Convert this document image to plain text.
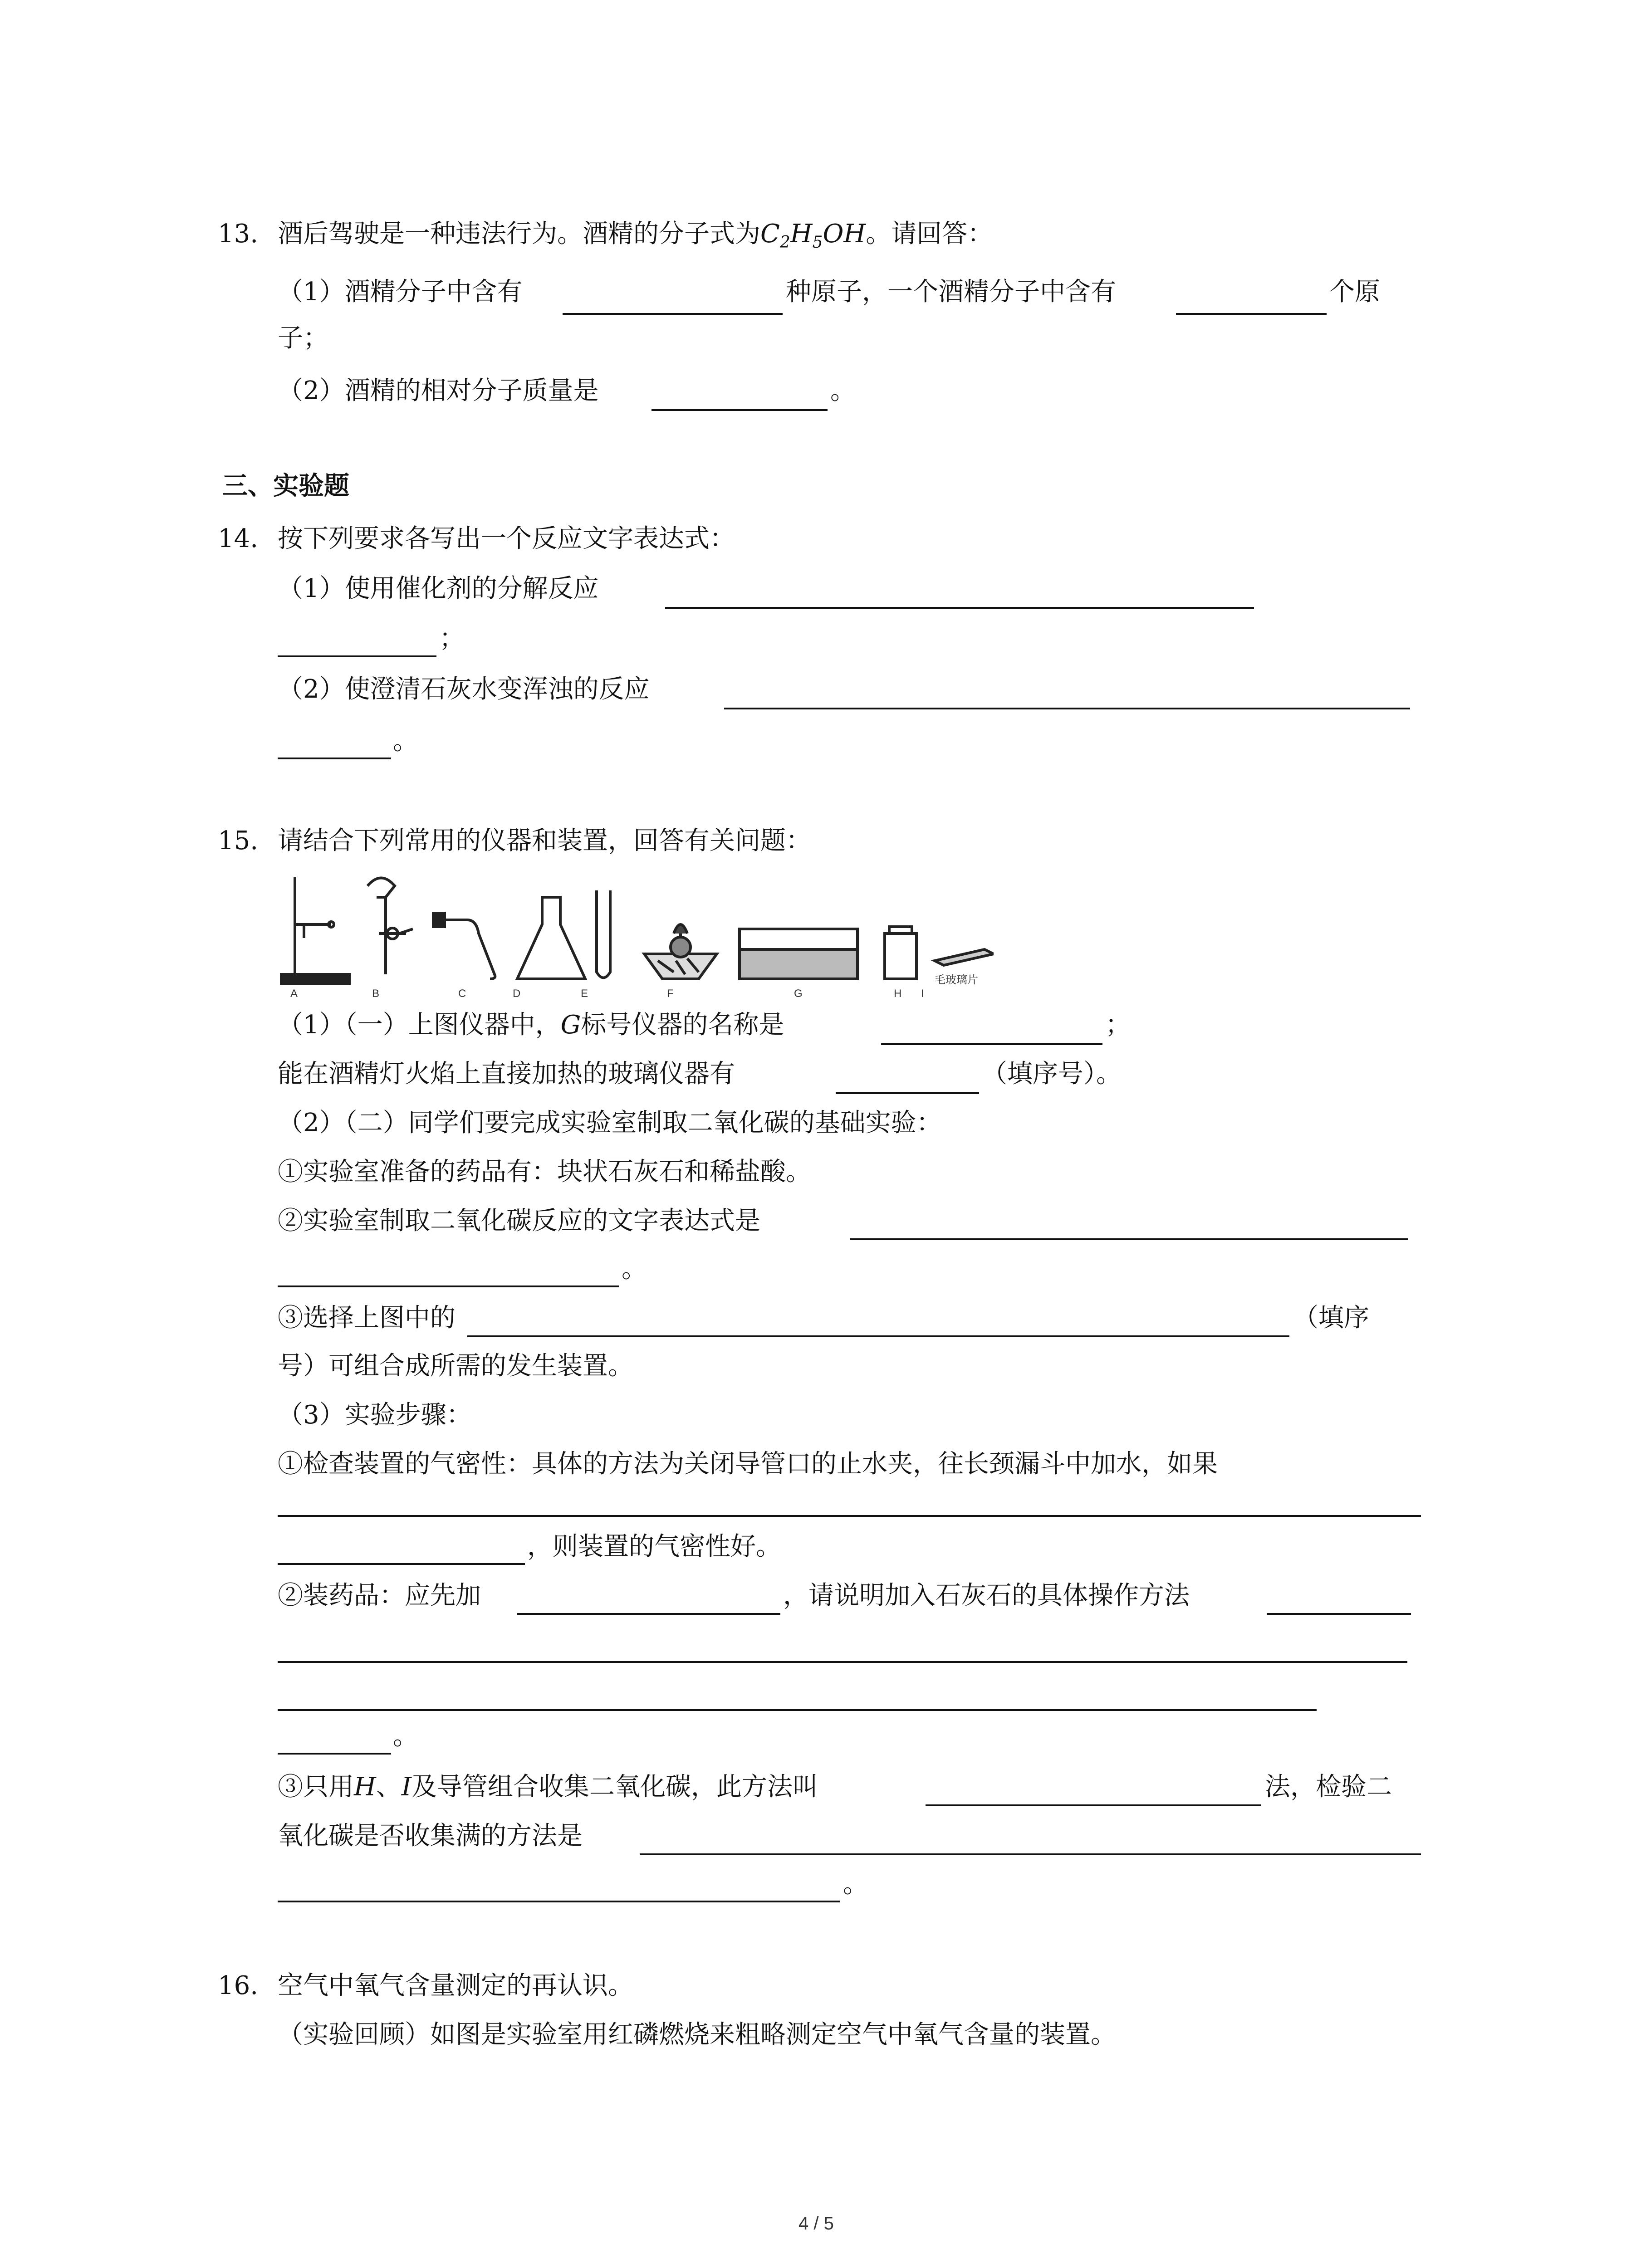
13. 酒后驾驶是一种违法行为。酒精的分子式为$C_2H_5OH$。请回答：
（1）酒精分子中含有	种原子，一个酒精分子中含有	个原
子；
（2）酒精的相对分子质量是	。
三、实验题
14. 按下列要求各写出一个反应文字表达式：
（1）使用催化剂的分解反应
；
（2）使澄清石灰水变浑浊的反应
。
15. 请结合下列常用的仪器和装置，回答有关问题：
A	B	C	D	E	F	G	H I
毛玻璃片
（1）（一）上图仪器中，G标号仪器的名称是	；
能在酒精灯火焰上直接加热的玻璃仪器有	（填序号）。
（2）（二）同学们要完成实验室制取二氧化碳的基础实验：
①实验室准备的药品有：块状石灰石和稀盐酸。
②实验室制取二氧化碳反应的文字表达式是
。
③选择上图中的	（填序
号）可组合成所需的发生装置。
（3）实验步骤：
①检查装置的气密性：具体的方法为关闭导管口的止水夹，往长颈漏斗中加水，如果
，则装置的气密性好。
②装药品：应先加	，请说明加入石灰石的具体操作方法
。
③只用H、I及导管组合收集二氧化碳，此方法叫	法，检验二
氧化碳是否收集满的方法是
。
16. 空气中氧气含量测定的再认识。
（实验回顾）如图是实验室用红磷燃烧来粗略测定空气中氧气含量的装置。
4 / 5
